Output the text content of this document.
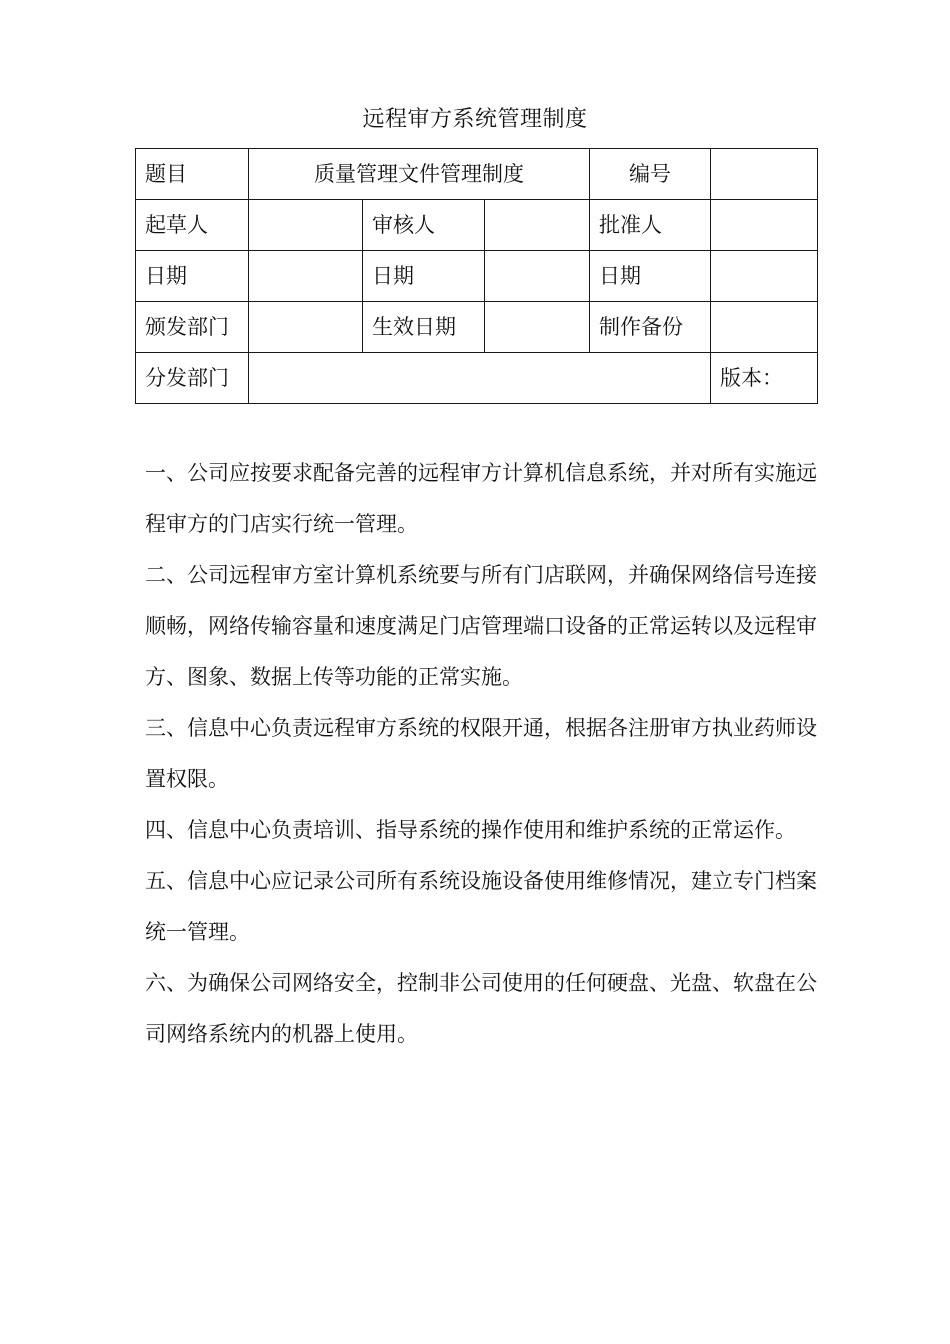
远程审方系统管理制度
题目	质量管理文件管理制度			编号	
起草人		审核人		批准人	
日期		日期		日期	
颁发部门		生效日期		制作备份	
分发部门					版本：

一、公司应按要求配备完善的远程审方计算机信息系统，并对所有实施远程审方的门店实行统一管理。

二、公司远程审方室计算机系统要与所有门店联网，并确保网络信号连接顺畅，网络传输容量和速度满足门店管理端口设备的正常运转以及远程审方、图象、数据上传等功能的正常实施。

三、信息中心负责远程审方系统的权限开通，根据各注册审方执业药师设置权限。

四、信息中心负责培训、指导系统的操作使用和维护系统的正常运作。

五、信息中心应记录公司所有系统设施设备使用维修情况，建立专门档案统一管理。

六、为确保公司网络安全，控制非公司使用的任何硬盘、光盘、软盘在公司网络系统内的机器上使用。
